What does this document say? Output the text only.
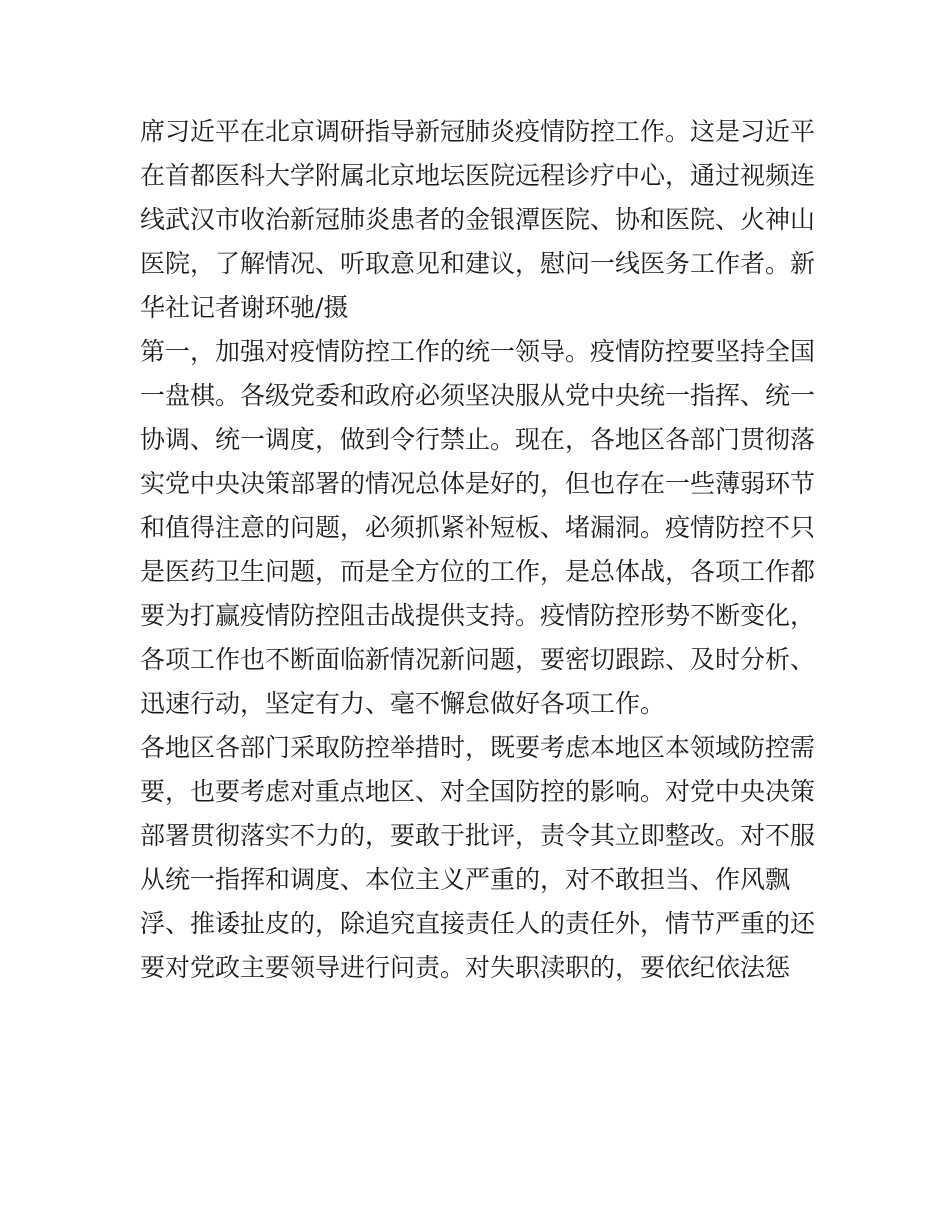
席习近平在北京调研指导新冠肺炎疫情防控工作。这是习近平
在首都医科大学附属北京地坛医院远程诊疗中心，通过视频连
线武汉市收治新冠肺炎患者的金银潭医院、协和医院、火神山
医院，了解情况、听取意见和建议，慰问一线医务工作者。新
华社记者谢环驰/摄
第一，加强对疫情防控工作的统一领导。疫情防控要坚持全国
一盘棋。各级党委和政府必须坚决服从党中央统一指挥、统一
协调、统一调度，做到令行禁止。现在，各地区各部门贯彻落
实党中央决策部署的情况总体是好的，但也存在一些薄弱环节
和值得注意的问题，必须抓紧补短板、堵漏洞。疫情防控不只
是医药卫生问题，而是全方位的工作，是总体战，各项工作都
要为打赢疫情防控阻击战提供支持。疫情防控形势不断变化，
各项工作也不断面临新情况新问题，要密切跟踪、及时分析、
迅速行动，坚定有力、毫不懈怠做好各项工作。
各地区各部门采取防控举措时，既要考虑本地区本领域防控需
要，也要考虑对重点地区、对全国防控的影响。对党中央决策
部署贯彻落实不力的，要敢于批评，责令其立即整改。对不服
从统一指挥和调度、本位主义严重的，对不敢担当、作风飘
浮、推诿扯皮的，除追究直接责任人的责任外，情节严重的还
要对党政主要领导进行问责。对失职渎职的，要依纪依法惩
